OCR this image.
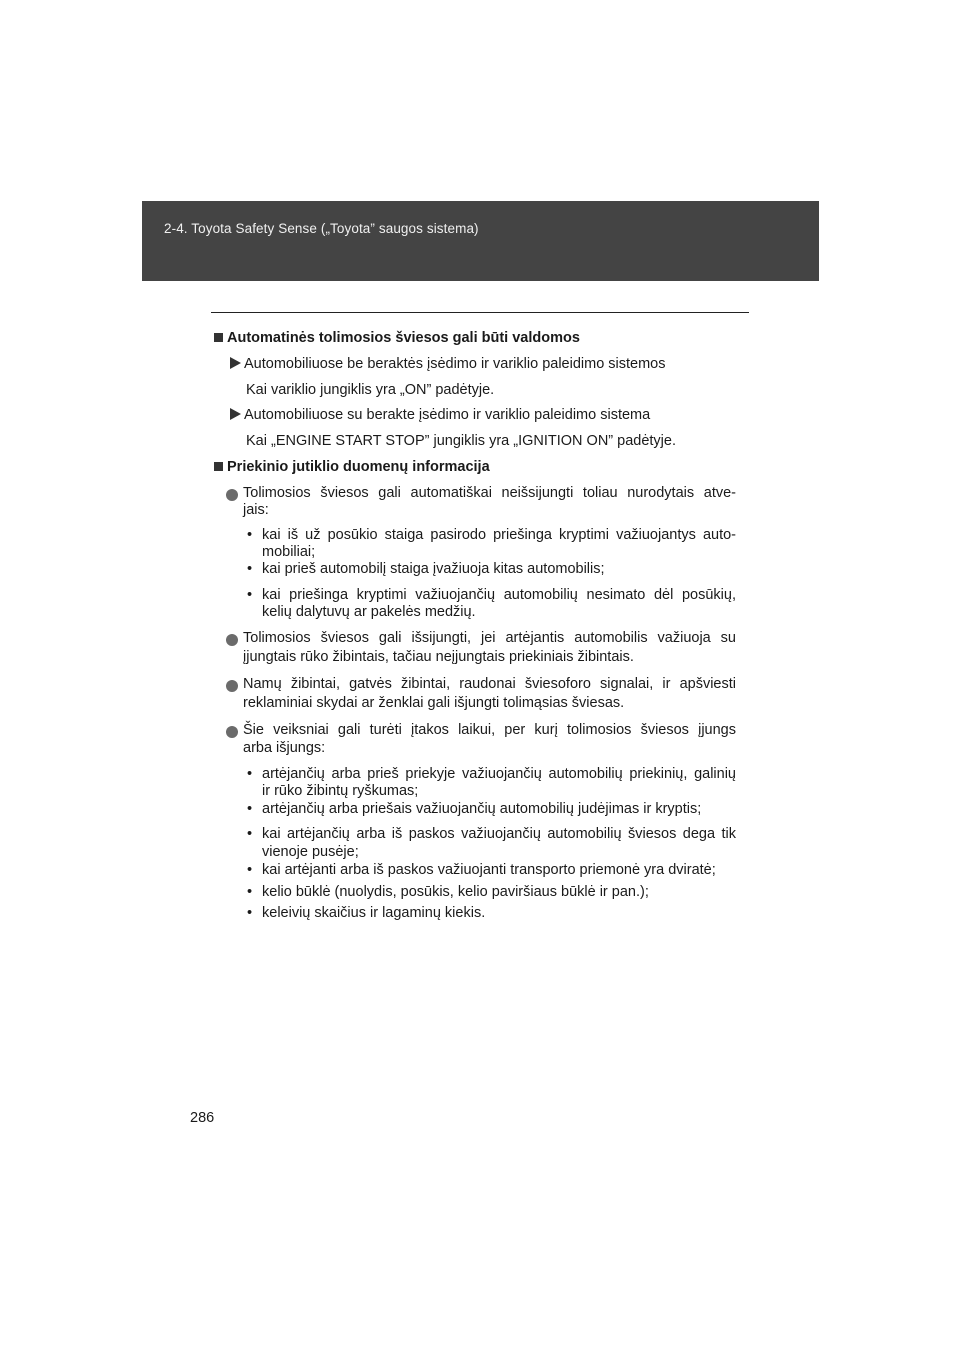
2-4. Toyota Safety Sense („Toyota” saugos sistema)
Automatinės tolimosios šviesos gali būti valdomos
Automobiliuose be beraktės įsėdimo ir variklio paleidimo sistemos
Kai variklio jungiklis yra „ON” padėtyje.
Automobiliuose su berakte įsėdimo ir variklio paleidimo sistema
Kai „ENGINE START STOP” jungiklis yra „IGNITION ON” padėtyje.
Priekinio jutiklio duomenų informacija
Tolimosios šviesos gali automatiškai neišsijungti toliau nurodytais atve-
jais:
• kai iš už posūkio staiga pasirodo priešinga kryptimi važiuojantys auto-
mobiliai;
• kai prieš automobilį staiga įvažiuoja kitas automobilis;
• kai priešinga kryptimi važiuojančių automobilių nesimato dėl posūkių,
kelių dalytuvų ar pakelės medžių.
Tolimosios šviesos gali išsijungti, jei artėjantis automobilis važiuoja su
įjungtais rūko žibintais, tačiau neįjungtais priekiniais žibintais.
Namų žibintai, gatvės žibintai, raudonai šviesoforo signalai, ir apšviesti
reklaminiai skydai ar ženklai gali išjungti tolimąsias šviesas.
Šie veiksniai gali turėti įtakos laikui, per kurį tolimosios šviesos įjungs
arba išjungs:
• artėjančių arba prieš priekyje važiuojančių automobilių priekinių, galinių
ir rūko žibintų ryškumas;
• artėjančių arba priešais važiuojančių automobilių judėjimas ir kryptis;
• kai artėjančių arba iš paskos važiuojančių automobilių šviesos dega tik
vienoje pusėje;
• kai artėjanti arba iš paskos važiuojanti transporto priemonė yra dviratė;
• kelio būklė (nuolydis, posūkis, kelio paviršiaus būklė ir pan.);
• keleivių skaičius ir lagaminų kiekis.
286
